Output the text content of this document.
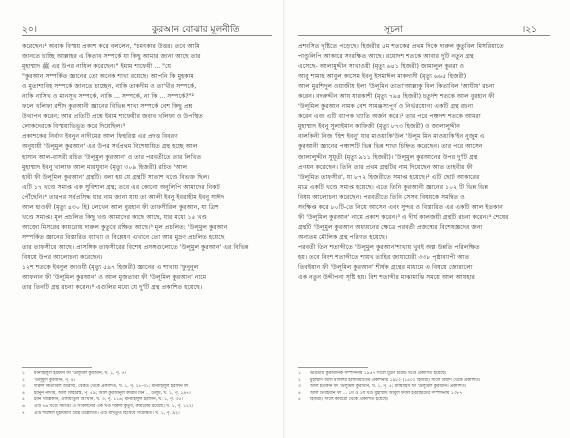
২০।	কুরআন বোঝার মূলনীতি
করেছেন।¹ অবাক বিস্ময় প্রকাশ করে বললেন, "চমৎকার উত্তর। তবে আমি
জানতে চাচ্ছি আল্লাহর এ কিতাব সম্পর্কে যা কিছু আমার জানা আছে তার
মূহাম্মাদ ﷺ এর উপর নাযিল করেছেন।" ইমাম শাফেয়ী ... "যে
"কুরআন সম্পর্কিত জ্ঞানের তো অনেক শাখা রয়েছে। আপনি কি মুহকাম
ও মুতাশাবিহ সম্পর্কে জানতে চাচ্ছেন, নাকি তাকদীম ও তা'খীর সম্পর্কে,
নাকি নাসিখ ও মানসূখ সম্পর্কে, নাকি ... সম্পর্কে, না কি ... সম্পর্কে?"²
ফলে খলিফা রশীদ কুরআনী জ্ঞানের বিভিন্ন শাখা সম্পর্কে বেশ কিছু প্রশ্ন
উত্থাপন করেন; আর প্রতিটি প্রশ্নে ইমাম শাফেয়ীর জবাব খলিফা ও উপস্থিত
লোকদেরকে বিস্ময়াভিভূত করে দিয়েছিল।³
প্রকাশকের নির্বাণ ইবনুন নাদীমের আল ফিহরিস্ত এর প্রদত্ত বিবরণ
অনুযায়ী 'উলূমুল কুরআন' এর উপর সর্বপ্রথম বিশেষায়িত গ্রন্থ হচ্ছে আল
হাসান আল-বাসরী রচিত 'উলূমুল কুরআন' ও তার পরবর্তীতে তার লিখিত
মুহাম্মাদ ইবনু খালাফ আল মারযুবান (মৃত্যু ৩০৯ হিজরী) রচিত 'আল
হাবী ফী উলূমিল কুরআন' গ্রন্থটি। বলা হয় যে গ্রন্থটি সাতাশ খণ্ডে বিভক্ত ছিল।
এটি ১৭ খণ্ডে সমাপ্ত এক সুবিশাল গ্রন্থ; তবে এর কোনো অনুলিপি আমাদের নিকট
পৌঁছেনি।⁴ তারপর সর্বপ্রসিদ্ধ যার নাম জানা যায় তা আলী ইবনু ইবরাহীম ইবনু সাঈদ
আল হাওফী (মৃত্যু ৪৩০ হি) লেখেন আল বুরহান ফী তাফসীরিল কুরআন, যা ত্রিশ
খণ্ডে সমাপ্ত। মূল প্রচলিত কিছু খণ্ড আমাদের কাছে আছে, যার মধ্যে ১৫ খণ্ড
আজো মিসরের কায়রোয় দারুল কুতুবে রক্ষিত আছে।⁵ মূল প্রচলিত: 'উলূমুল কুরআন
সম্পর্কিত জ্ঞানের বিস্তারিত ব্যাখ্যা ও বিশ্লেষণ এখানে তো আর মুদ্রণ প্রচলিত হয়েছে
তার তাফসীরে আছে। প্রাসঙ্গিক তাফসীরের বিশেষ প্রসঙ্গগুলোতে 'উলূমুল কুরআন' এর বিভিন্ন
বিষয়ে উপর আলোচনা করেছেন।
১২শ শতকে ইবনুল জাওযী (মৃত্যু ৫৯৭ হিজরী) জ্ঞানের এ শাখায় 'ফুনুনুল
আফনান ফী 'উলূমিল কুরআন' ও আল মুজতাবা ফী 'উলূমিল কুরআন' নামে
তার তিনটি গ্রন্থ রচনা করেন।⁶ এগুলির মধ্যে যে দু'টি গ্রন্থ প্রকাশিত হয়েছে।
১ মানাহিলুল ইরফান ফী 'উলূমিল কুরআন, খ. ১, পৃ. ৫।
২ 'উলূমুল কুরআন, পৃ. ৪।
৩ দারুল কিতাবিল আরাবী, বৈরূত থেকে প্রকাশিত, খ. ১, পৃ. ২৮-৩১; মানাহিলুল ইরফান ফী
৪ ইবনুন নাদীম, আল ফিহরিস্ত, পৃ. ৫৯; আল কুরআনুল কারীম মিন ... উলূম, খ. ১, পৃ. ১৯৭।
৫ ইবন খাল্লিকান, ওফায়াতুল আ'য়ান, খ. ৩, পৃ. ১১৬; মানাহিলুল ইরফান, খ. ১, পৃ. ৩৫।
৬ এটি ৭৬ খণ্ডে সমাপ্ত। এ সংকলনের এক খণ্ড দারুল কুতুব, কায়রোয় রয়েছে। খ. ১, পৃ. ১২২।
৭ এটি শারহুল মুহাযযাব গ্রন্থে উল্লেখিত। এটি মাখতুত হিসেবে সংরক্ষিত। খ. ১, পৃ. ৯২।
সূচনা	।২১
প্রশংসিত দৃষ্টিতে পড়েছে। হিজরীর ৫ম শতকের প্রথম দিকে দারুল কুতুবিল মিসরিয়াতে
পাণ্ডুলিপি আকারে সংরক্ষিত আছে। রয়োদশ শতকে আবার দুটি নতুন গ্রন্থ
এসেছে- আলামুদ্দীন সাখাওয়ী (মৃত্যু ৬৪১ হিজরী) জামালুল কুররা ও
আবু শামাহ আবুল কাসেম ইবনু ইসমাঈল মাকদাসী (মৃত্যু ৬৬৫ হিজরী)
আল মুরশিদুল ওয়াজীয ইলা 'উলূমিন তাতা'আল্লাকু বিল কিতাবিল 'আযীয' রচনা
করেন। বদরুদ্দীন আয যারকাশী (মৃত্যু ৭৯৪ হিজরী) চতুর্দশ শতকে আল বুরহান ফী
'উলূমিল কুরআন নামক বেশ সামঞ্জস্যপূর্ণ ও নির্ভরযোগ্য একটি গ্রন্থ রচনা
করেন এবং এটি ব্যাপক খ্যাতি অর্জন করে।¹ তার পরে পঞ্চদশ শতকে আমরা
মুহাম্মাদ ইবনু সুলাইমান কাফিজী (মৃত্যু ৮৭৩ হিজরী) ও জালালুদ্দীন
বালকিনী নিজ 'হিশ ইবনু' যার মাওয়াকি'উল 'উলূম মিন মাওয়াকি'ইন নুজুম এ
কুরআনী জ্ঞানের পঞ্চাশটি ভিন্ন ভিন্ন শাখা চিহ্নিত করেছেন। তার পরে আসেন
জালালুদ্দীন সুয়ূতী (মৃত্যু ৯১১ হিজরী)। 'উলূমুল কুরআনের উপর দু'টি গ্রন্থ
প্রণয়ন করেছেন। তিনি তার প্রথম গ্রন্থটির নাম দিয়েছেন আত তাহবীর ফী
'উলূমিত তাফসীর', যা ৮৭২ হিজরীতে সমাপ্ত হয়েছে।² এটি ছোট আকারের
মাত্র একটি খণ্ডে সমাপ্ত হয়েছে। এতে তিনি কুরআনী জ্ঞানের ১০২ টি ভিন্ন ভিন্ন
বিষয় আলোচনা করেছেন। পরবর্তীতে তিনি সেসব বিষয়কে সমন্বিত ও
সংক্ষিপ্ত করে ৮০টি-তে নিয়ে আসেন এবং সুন্দর ও বিস্তারিত এর একটি আল ইতকান
ফী 'উলূমিল কুরআন' নামে প্রকাশ করেন।³ এ দীর্ঘ কালজয়ী গ্রন্থটি রচনা করেন।⁴ শেষের
গ্রন্থটি 'উলূমুল কুরআন অধ্যয়নের ক্ষেত্রে পরবর্তী প্রজন্মের বিশেষজ্ঞদের জন্য
অন্যতম মৌলিক গ্রন্থ পরিণত হয়েছে।
পরবর্তী তিন শতাব্দীতে 'উলূমুল কুরআন'শাখায় খুবই অল্প উন্নতি পরিলক্ষিত
হয়। তবে বিংশ শতাব্দীতে শায়খ তাহির জাযায়েরী ৩৩৮ পৃষ্ঠাব্যাপী আত
তিবইয়ান ফী 'উলূমিল কুরআন' শীর্ষক গ্রন্থের মাধ্যমে এ বিষয়ে জোরালো
এক নতুন উদ্দীপনা সৃষ্টি হয়। বিশ শতাব্দীর মাঝামাঝি সময়ে আল আযহার
১ ভারতীয় কুরআনিক সম্পাদনায় ১৯৫৭ সালে মুদ্রণ চারটি খণ্ডে প্রকাশিত হয়েছে।
২ মুহাম্মাদ আল মাজহুর ইলামিয়াতের প্রকাশনায় ১৯৮২ (১৪০২ হিজরী) সালে রিয়াদ থেকে প্রকাশিত।
৩ আল ইতকান ফী 'উলূমিল কুরআন, খ. ১, পৃ. ৫; মাব্বাহিস ফী 'উলূমিল কুরআন। প্রকাশিত।
৪ আল তিবইয়ান ফী ... ১ম ও ২য় খণ্ড মুহাম্মাদ আবুল ফযল ইবরাহীমের সম্পাদনায় ১৩৮৭
৫ হিজরী) সালে কায়রো থেকে প্রকাশিত হয়েছে।
